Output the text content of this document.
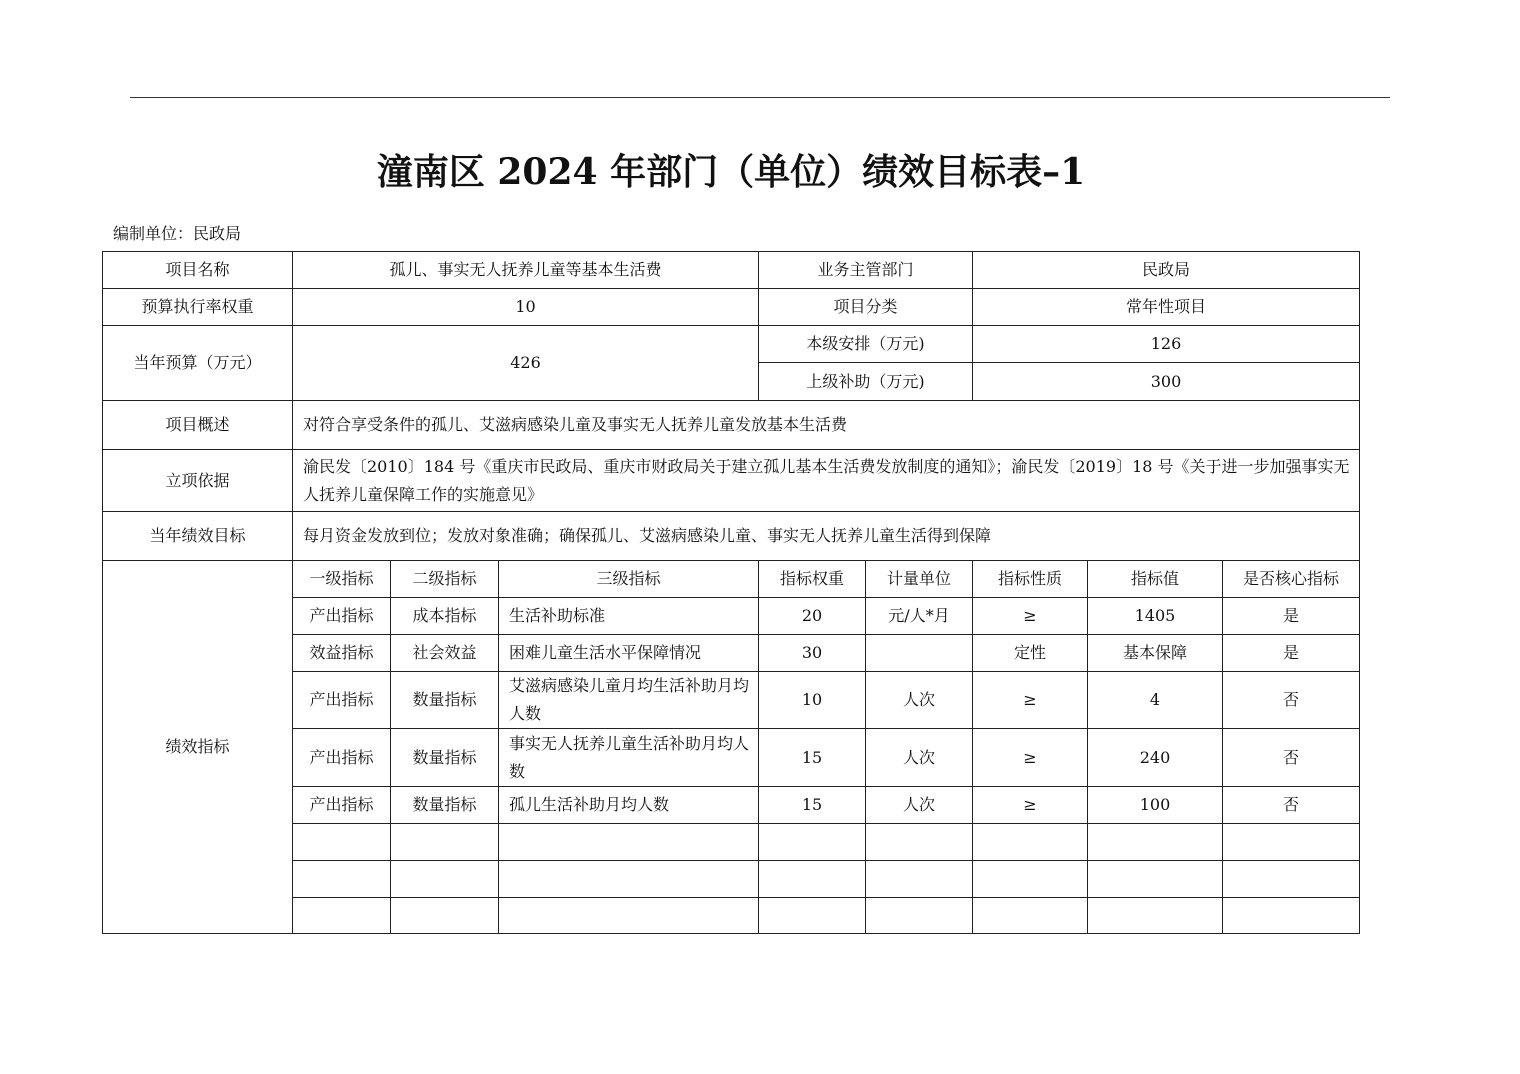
潼南区 2024 年部门（单位）绩效目标表–1
编制单位：民政局
项目名称	孤儿、事实无人抚养儿童等基本生活费			业务主管部门		民政局		
预算执行率权重	10			项目分类		常年性项目		
当年预算（万元）	426			本级安排（万元)		126		
				上级补助（万元)		300		
项目概述	对符合享受条件的孤儿、艾滋病感染儿童及事实无人抚养儿童发放基本生活费							
立项依据	渝民发〔2010〕184 号《重庆市民政局、重庆市财政局关于建立孤儿基本生活费发放制度的通知》；渝民发〔2019〕18 号《关于进一步加强事实无人抚养儿童保障工作的实施意见》							
当年绩效目标	每月资金发放到位；发放对象准确；确保孤儿、艾滋病感染儿童、事实无人抚养儿童生活得到保障							
绩效指标	一级指标	二级指标	三级指标	指标权重	计量单位	指标性质	指标值	是否核心指标
	产出指标	成本指标	生活补助标准	20	元/人*月	≥	1405	是
	效益指标	社会效益	困难儿童生活水平保障情况	30		定性	基本保障	是
	产出指标	数量指标	艾滋病感染儿童月均生活补助月均人数	10	人次	≥	4	否
	产出指标	数量指标	事实无人抚养儿童生活补助月均人数	15	人次	≥	240	否
	产出指标	数量指标	孤儿生活补助月均人数	15	人次	≥	100	否
